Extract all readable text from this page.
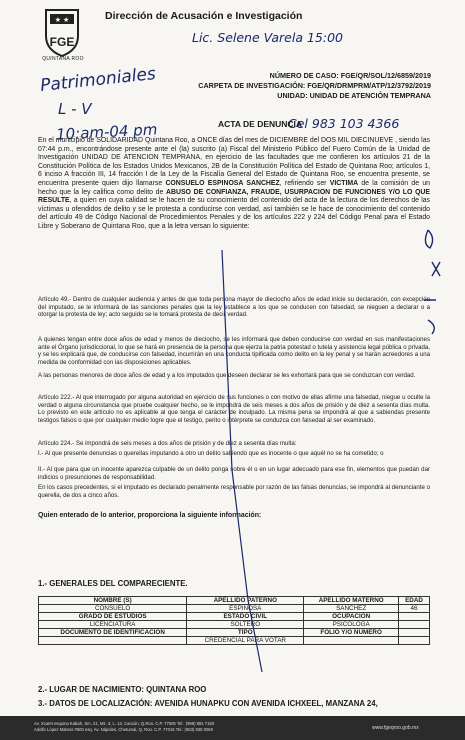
★ ★
FGE
QUINTANA ROO
Dirección de Acusación e Investigación
Lic. Selene Varela 15:00
Patrimoniales
L - V
10:am-04 pm	Cel 983 103 4366
NÚMERO DE CASO: FGE/QR/SOL/12/6859/2019
CARPETA DE INVESTIGACIÓN: FGE/QR/DRMPRM/ATP/12/3792/2019
UNIDAD: UNIDAD DE ATENCIÓN TEMPRANA
ACTA DE DENUNCIA
En el municipio de SOLIDARIDAD Quintana Roo, a ONCE días del mes de DICIEMBRE del DOS MIL DIECINUEVE , siendo las 07:44 p.m., encontrándose presente ante el (la) suscrito (a) Fiscal del Ministerio Público del Fuero Común de la Unidad de Investigación UNIDAD DE ATENCION TEMPRANA, en ejercicio de las facultades que me confieren los artículos 21 de la Constitución Política de los Estados Unidos Mexicanos, 2B de la Constitución Política del Estado de Quintana Roo; artículos 1, 6 inciso A fracción III, 14 fracción I de la Ley de la Fiscalía General del Estado de Quintana Roo, se encuentra presente, se encuentra presente quien dijo llamarse CONSUELO ESPINOSA SANCHEZ, refiriendo ser VICTIMA de la comisión de un hecho que la ley califica como delito de ABUSO DE CONFIANZA, FRAUDE, USURPACION DE FUNCIONES Y/O LO QUE RESULTE, a quien en cuya calidad se le hacen de su conocimiento del contenido del acta de la lectura de los derechos de las víctimas u ofendidos de delito y se le protesta a conducirse con verdad, así también se le hace de conocimiento del contenido del artículo 49 de Código Nacional de Procedimientos Penales y de los artículos 222 y 224 del Código Penal para el Estado Libre y Soberano de Quintana Roo, que a la letra versan lo siguiente:
Artículo 49.- Dentro de cualquier audiencia y antes de que toda persona mayor de dieciocho años de edad inicie su declaración, con excepción del imputado, se le informará de las sanciones penales que la ley establece a los que se conducen con falsedad, se nieguen a declarar o a otorgar la protesta de ley; acto seguido se le tomará protesta de decir verdad.
A quienes tengan entre doce años de edad y menos de dieciocho, se les informará que deben conducirse con verdad en sus manifestaciones ante el Órgano jurisdiccional, lo que se hará en presencia de la persona que ejerza la patria potestad o tutela y asistencia legal pública o privada, y se les explicará que, de conducirse con falsedad, incurrirán en una conducta tipificada como delito en la ley penal y se harán acreedores a una medida de conformidad con las disposiciones aplicables.
A las personas menores de doce años de edad y a los imputados que deseen declarar se les exhortará para que se conduzcan con verdad.
Artículo 222.- Al que interrogado por alguna autoridad en ejercicio de sus funciones o con motivo de ellas afirme una falsedad, niegue u oculte la verdad o alguna circunstancia que pruebe cualquier hecho, se le impondrá de seis meses a dos años de prisión y de diez a sesenta días multa. Lo previsto en este artículo no es aplicable al que tenga el carácter de inculpado. La misma pena se impondrá al que a sabiendas presente testigos falsos o que por cualquier medio logre que el testigo, perito o intérprete se conduzca con falsedad al ser examinado.
Artículo 224.- Se impondrá de seis meses a dos años de prisión y de diez a sesenta días multa:
I.- Al que presente denuncias o querellas imputando a otro un delito sabiendo que es inocente o que aquél no se ha cometido; o
II.- Al que para que un inocente aparezca culpable de un delito ponga sobre él o en un lugar adecuado para ese fin, elementos que puedan dar indicios o presunciones de responsabilidad.
En los casos precedentes, si el imputado es declarado penalmente responsable por razón de las falsas denuncias, se impondrá al denunciante o querella, de dos a cinco años.
Quien enterado de lo anterior, proporciona la siguiente información:
1.- GENERALES DEL COMPARECIENTE.
NOMBRE (S)	APELLIDO PATERNO	APELLIDO MATERNO	EDAD
CONSUELO	ESPINOSA	SANCHEZ	46
GRADO DE ESTUDIOS	ESTADO CIVIL	OCUPACIÓN	
LICENCIATURA	SOLTERO	PSICOLOGA	
DOCUMENTO DE IDENTIFICACIÓN	TIPO	FOLIO Y/O NUMERO	
	CREDENCIAL PARA VOTAR		
2.- LUGAR DE NACIMIENTO: QUINTANA ROO
3.- DATOS DE LOCALIZACIÓN: AVENIDA HUNAPKU CON AVENIDA ICHXEEL, MANZANA 24,
Av. Xcaret esquina Kabah, Sm. 21, Mz. 3, L. 13, Cancún, Q.Roo. C.P. 77505 Tel.: (998) 881 7150
Adolfo López Mateos #500 esq. Av. Nápoles, Chetumal, Q. Roo. C.P. 77015 Tel.: (983) 835 0050	www.fgeqroo.gob.mx
